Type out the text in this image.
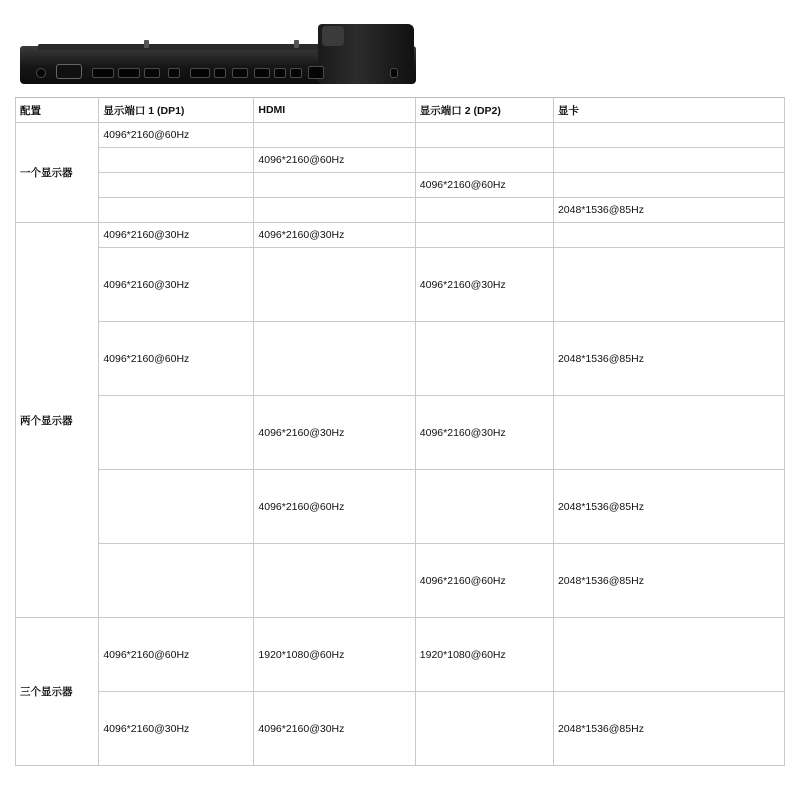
配置	显示端口 1 (DP1)	HDMI	显示端口 2 (DP2)	显卡
一个显示器	4096*2160@60Hz			
		4096*2160@60Hz		
			4096*2160@60Hz	
				2048*1536@85Hz
两个显示器	4096*2160@30Hz	4096*2160@30Hz		
	4096*2160@30Hz		4096*2160@30Hz	
	4096*2160@60Hz			2048*1536@85Hz
		4096*2160@30Hz	4096*2160@30Hz	
		4096*2160@60Hz		2048*1536@85Hz
			4096*2160@60Hz	2048*1536@85Hz
三个显示器	4096*2160@60Hz	1920*1080@60Hz	1920*1080@60Hz	
	4096*2160@30Hz	4096*2160@30Hz		2048*1536@85Hz
